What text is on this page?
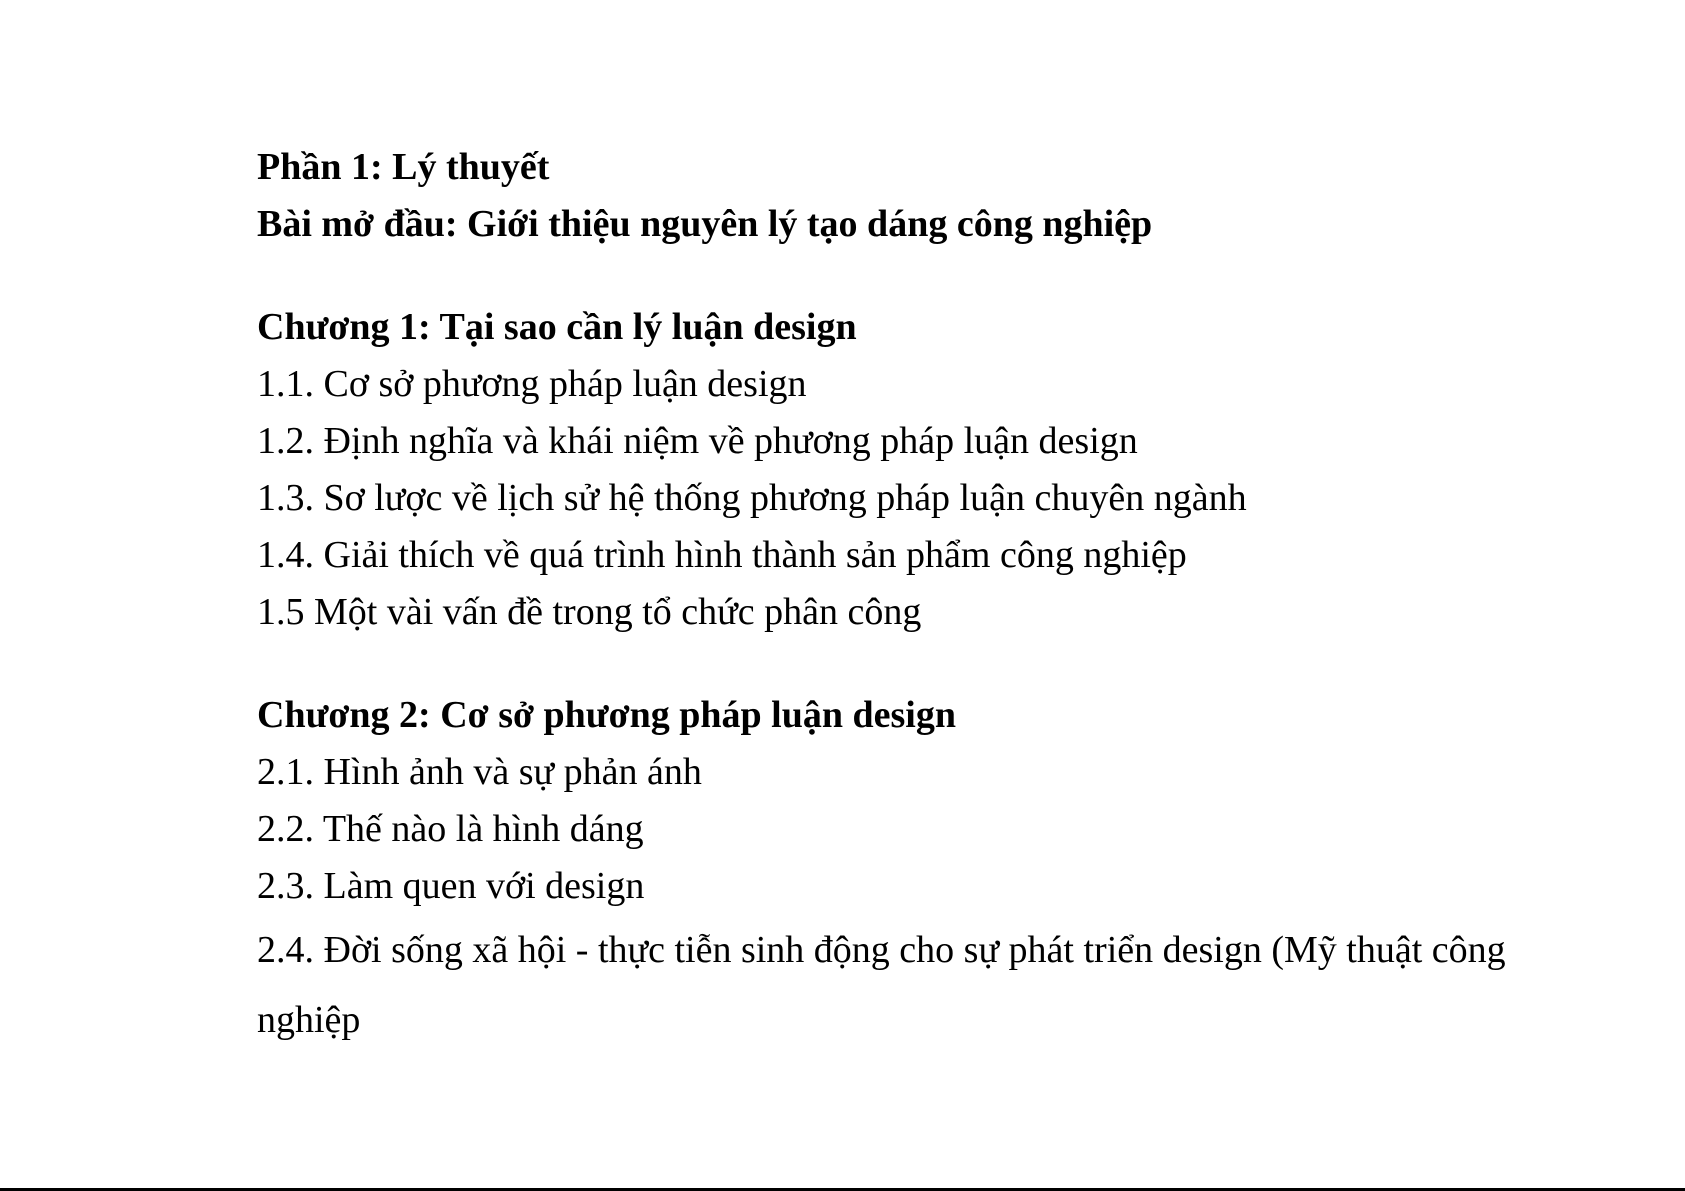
Phần 1: Lý thuyết
Bài mở đầu: Giới thiệu nguyên lý tạo dáng công nghiệp
Chương 1: Tại sao cần lý luận design
1.1. Cơ sở phương pháp luận design
1.2. Định nghĩa và khái niệm về phương pháp luận design
1.3. Sơ lược về lịch sử hệ thống phương pháp luận chuyên ngành
1.4. Giải thích về quá trình hình thành sản phẩm công nghiệp
1.5 Một vài vấn đề trong tổ chức phân công
Chương 2: Cơ sở phương pháp luận design
2.1. Hình ảnh và sự phản ánh
2.2. Thế nào là hình dáng
2.3. Làm quen với design
2.4. Đời sống xã hội - thực tiễn sinh động cho sự phát triển design (Mỹ thuật công nghiệp
